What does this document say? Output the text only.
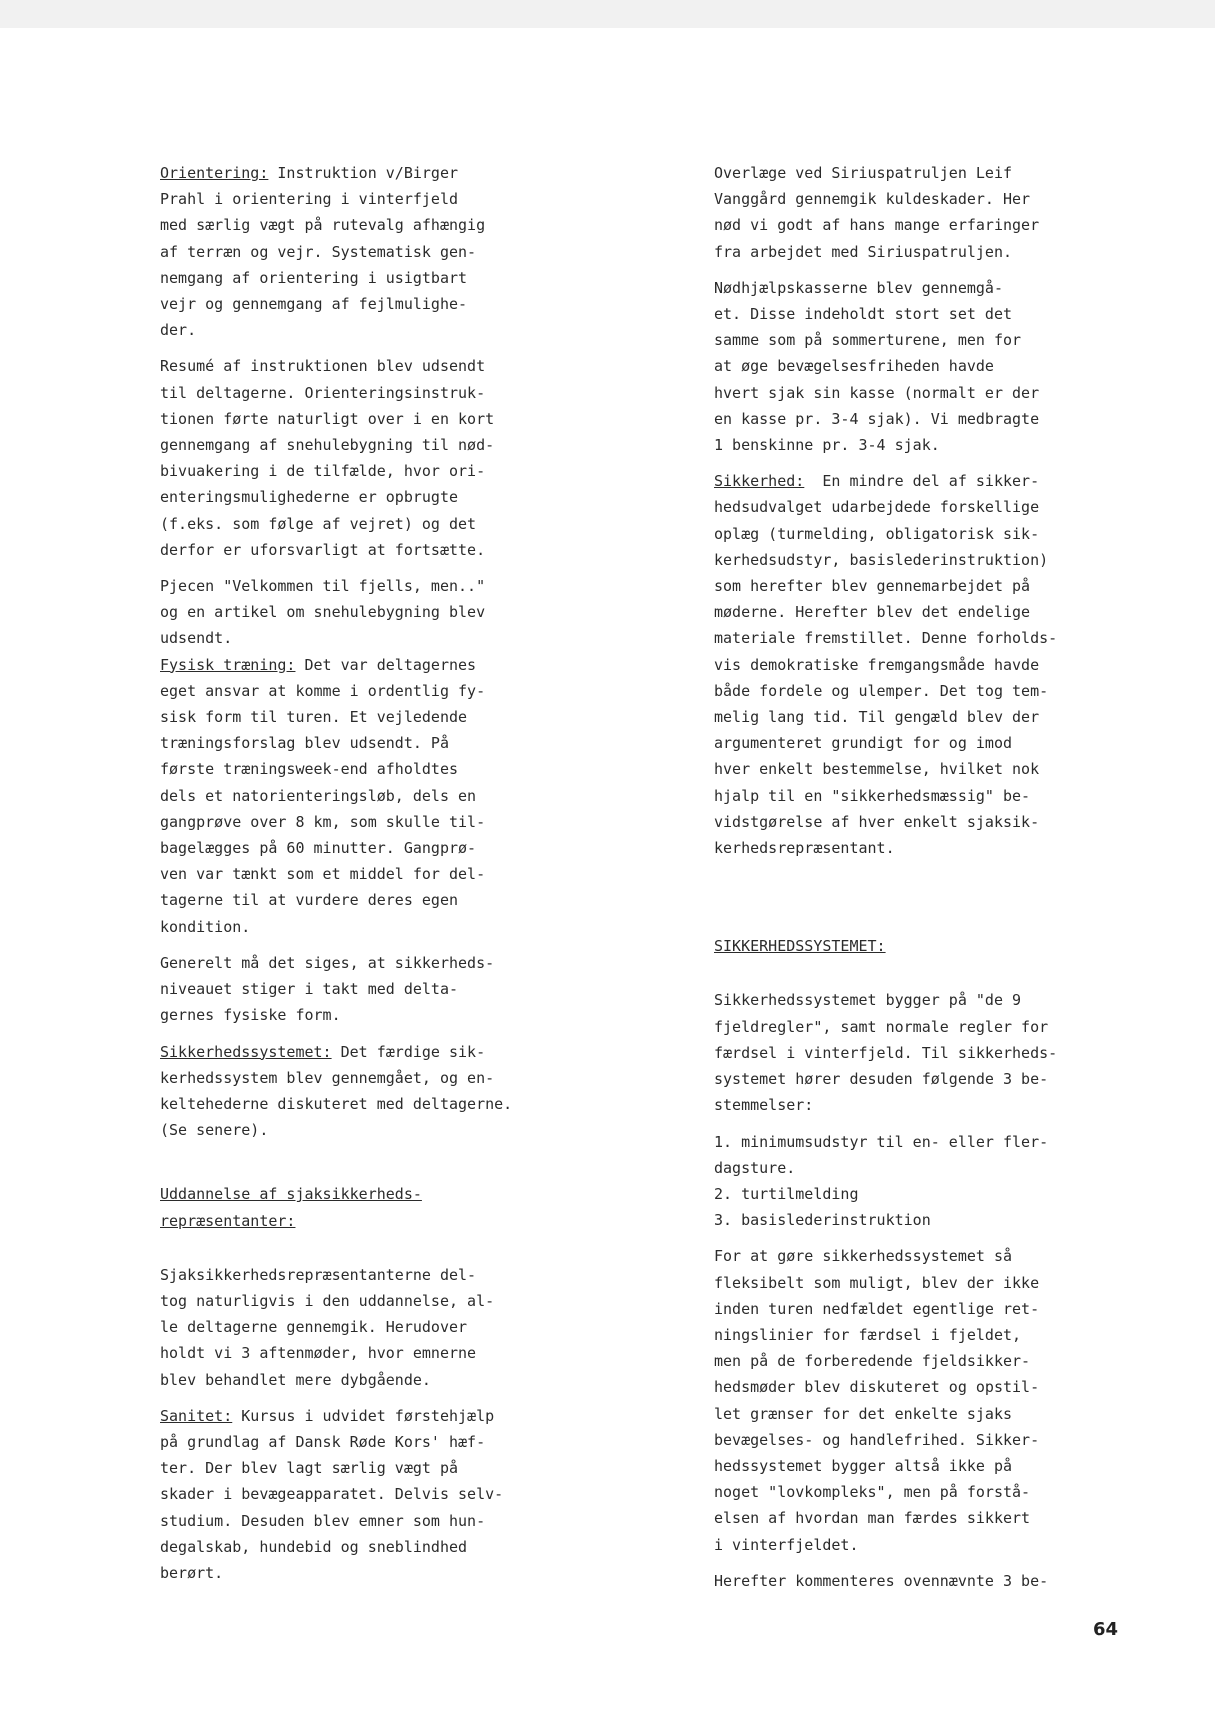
Orientering: Instruktion v/Birger
Prahl i orientering i vinterfjeld
med særlig vægt på rutevalg afhængig
af terræn og vejr. Systematisk gen-
nemgang af orientering i usigtbart
vejr og gennemgang af fejlmulighe-
der.

Resumé af instruktionen blev udsendt
til deltagerne. Orienteringsinstruk-
tionen førte naturligt over i en kort
gennemgang af snehulebygning til nød-
bivuakering i de tilfælde, hvor ori-
enteringsmulighederne er opbrugte
(f.eks. som følge af vejret) og det
derfor er uforsvarligt at fortsætte.

Pjecen "Velkommen til fjells, men.."
og en artikel om snehulebygning blev
udsendt.

Fysisk træning: Det var deltagernes
eget ansvar at komme i ordentlig fy-
sisk form til turen. Et vejledende
træningsforslag blev udsendt. På
første træningsweek-end afholdtes
dels et natorienteringsløb, dels en
gangprøve over 8 km, som skulle til-
bagelægges på 60 minutter. Gangprø-
ven var tænkt som et middel for del-
tagerne til at vurdere deres egen
kondition.

Generelt må det siges, at sikkerheds-
niveauet stiger i takt med delta-
gernes fysiske form.

Sikkerhedssystemet: Det færdige sik-
kerhedssystem blev gennemgået, og en-
keltehederne diskuteret med deltagerne.
(Se senere).

Uddannelse af sjaksikkerheds-
repræsentanter:

Sjaksikkerhedsrepræsentanterne del-
tog naturligvis i den uddannelse, al-
le deltagerne gennemgik. Herudover
holdt vi 3 aftenmøder, hvor emnerne
blev behandlet mere dybgående.

Sanitet: Kursus i udvidet førstehjælp
på grundlag af Dansk Røde Kors' hæf-
ter. Der blev lagt særlig vægt på
skader i bevægeapparatet. Delvis selv-
studium. Desuden blev emner som hun-
degalskab, hundebid og sneblindhed
berørt.

Overlæge ved Siriuspatruljen Leif
Vanggård gennemgik kuldeskader. Her
nød vi godt af hans mange erfaringer
fra arbejdet med Siriuspatruljen.

Nødhjælpskasserne blev gennemgå-
et. Disse indeholdt stort set det
samme som på sommerturene, men for
at øge bevægelsesfriheden havde
hvert sjak sin kasse (normalt er der
en kasse pr. 3-4 sjak). Vi medbragte
1 benskinne pr. 3-4 sjak.

Sikkerhed:  En mindre del af sikker-
hedsudvalget udarbejdede forskellige
oplæg (turmelding, obligatorisk sik-
kerhedsudstyr, basislederinstruktion)
som herefter blev gennemarbejdet på
møderne. Herefter blev det endelige
materiale fremstillet. Denne forholds-
vis demokratiske fremgangsmåde havde
både fordele og ulemper. Det tog tem-
melig lang tid. Til gengæld blev der
argumenteret grundigt for og imod
hver enkelt bestemmelse, hvilket nok
hjalp til en "sikkerhedsmæssig" be-
vidstgørelse af hver enkelt sjaksik-
kerhedsrepræsentant.

SIKKERHEDSSYSTEMET:

Sikkerhedssystemet bygger på "de 9
fjeldregler", samt normale regler for
færdsel i vinterfjeld. Til sikkerheds-
systemet hører desuden følgende 3 be-
stemmelser:

1. minimumsudstyr til en- eller fler-
dagsture.
2. turtilmelding
3. basislederinstruktion

For at gøre sikkerhedssystemet så
fleksibelt som muligt, blev der ikke
inden turen nedfældet egentlige ret-
ningslinier for færdsel i fjeldet,
men på de forberedende fjeldsikker-
hedsmøder blev diskuteret og opstil-
let grænser for det enkelte sjaks
bevægelses- og handlefrihed. Sikker-
hedssystemet bygger altså ikke på
noget "lovkompleks", men på forstå-
elsen af hvordan man færdes sikkert
i vinterfjeldet.

Herefter kommenteres ovennævnte 3 be-

64
